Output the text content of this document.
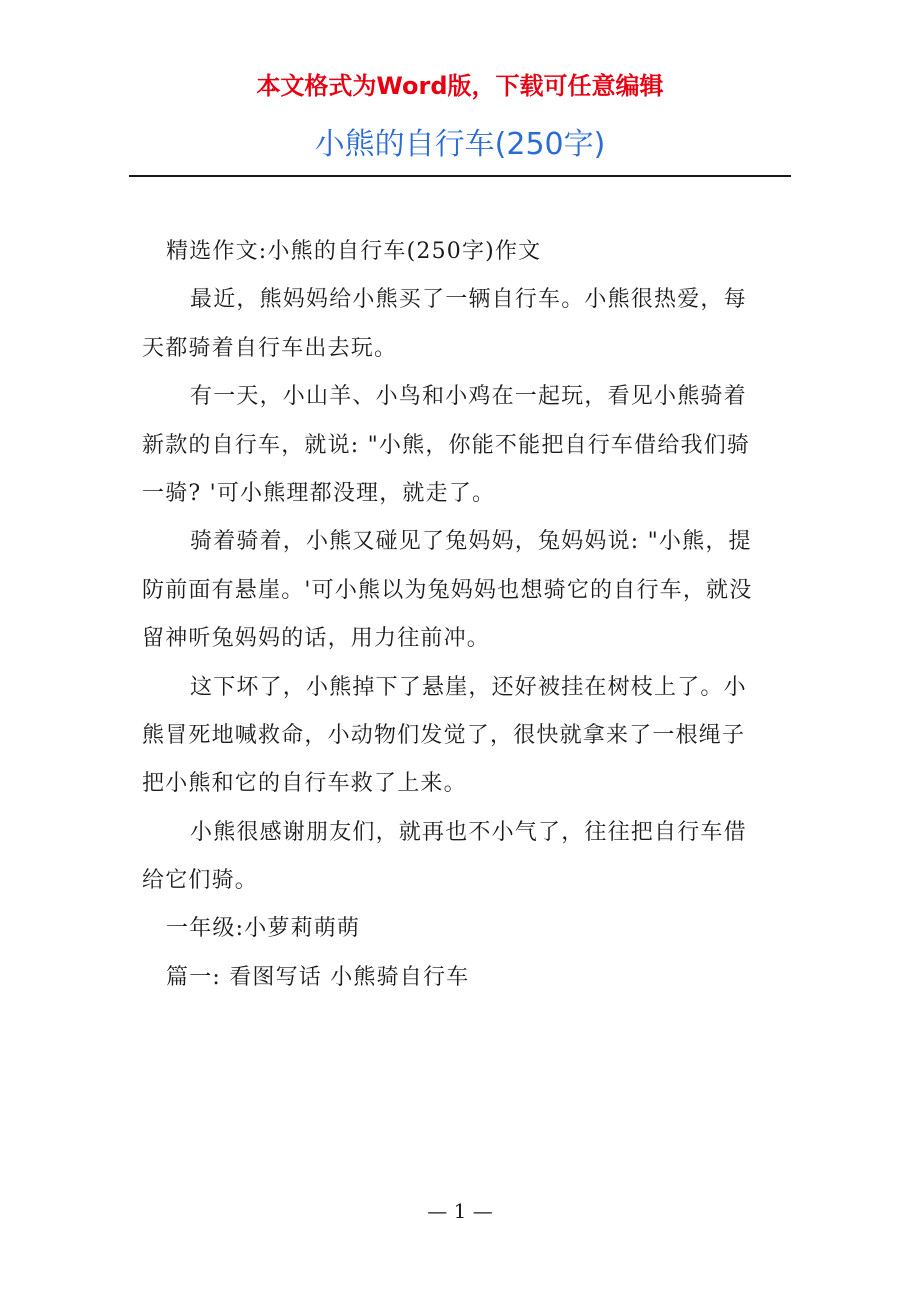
本文格式为Word版，下载可任意编辑
小熊的自行车(250字)
精选作文:小熊的自行车(250字)作文
最近，熊妈妈给小熊买了一辆自行车。小熊很热爱，每
天都骑着自行车出去玩。
有一天，小山羊、小鸟和小鸡在一起玩，看见小熊骑着
新款的自行车，就说: "小熊，你能不能把自行车借给我们骑
一骑? '可小熊理都没理，就走了。
骑着骑着，小熊又碰见了兔妈妈，兔妈妈说: "小熊，提
防前面有悬崖。'可小熊以为兔妈妈也想骑它的自行车，就没
留神听兔妈妈的话，用力往前冲。
这下坏了，小熊掉下了悬崖，还好被挂在树枝上了。小
熊冒死地喊救命，小动物们发觉了，很快就拿来了一根绳子
把小熊和它的自行车救了上来。
小熊很感谢朋友们，就再也不小气了，往往把自行车借
给它们骑。
一年级:小萝莉萌萌
篇一: 看图写话 小熊骑自行车
— 1 —
